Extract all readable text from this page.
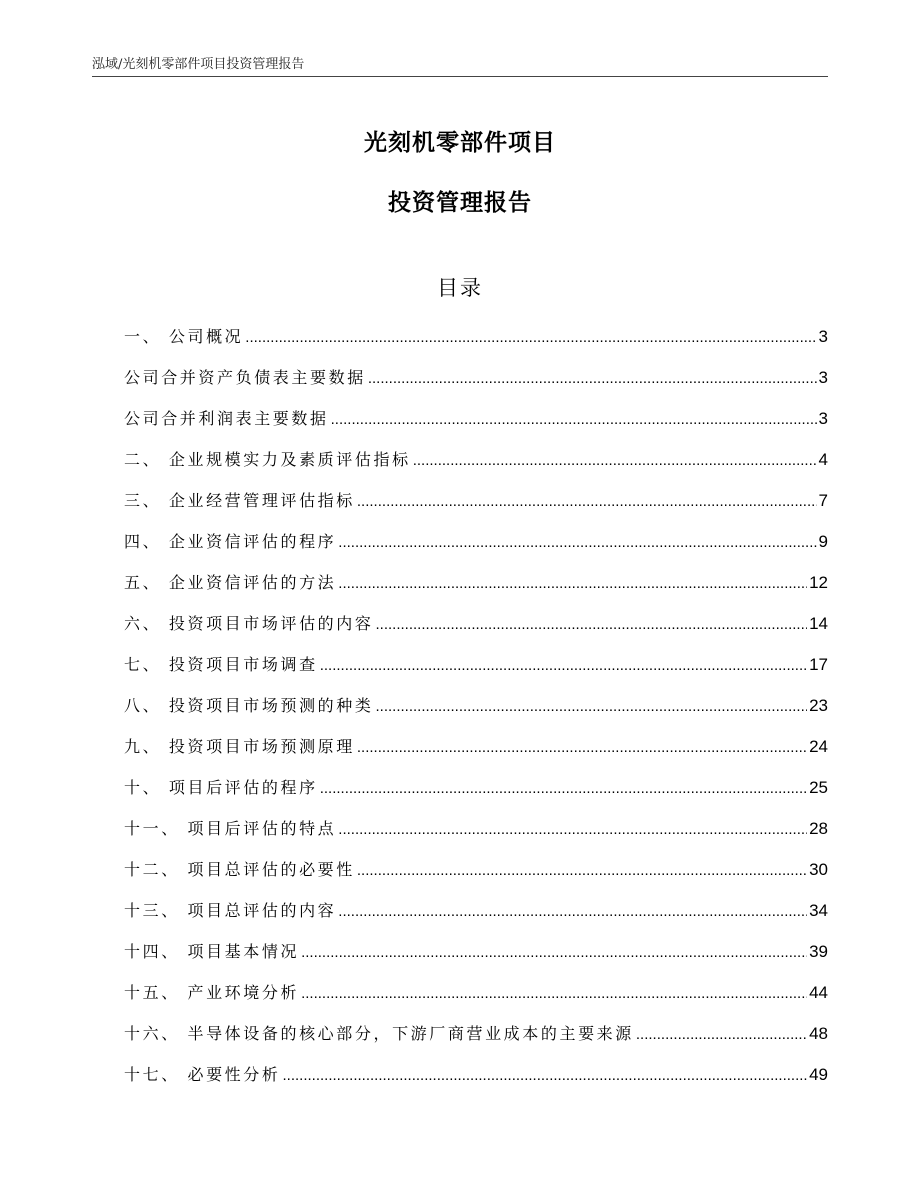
泓域/光刻机零部件项目投资管理报告
光刻机零部件项目
投资管理报告
目录
一、 公司概况 .....	3
公司合并资产负债表主要数据 .....	3
公司合并利润表主要数据 .....	3
二、 企业规模实力及素质评估指标 .....	4
三、 企业经营管理评估指标 .....	7
四、 企业资信评估的程序 .....	9
五、 企业资信评估的方法 .....	12
六、 投资项目市场评估的内容 .....	14
七、 投资项目市场调查 .....	17
八、 投资项目市场预测的种类 .....	23
九、 投资项目市场预测原理 .....	24
十、 项目后评估的程序 .....	25
十一、 项目后评估的特点 .....	28
十二、 项目总评估的必要性 .....	30
十三、 项目总评估的内容 .....	34
十四、 项目基本情况 .....	39
十五、 产业环境分析 .....	44
十六、 半导体设备的核心部分，下游厂商营业成本的主要来源 .....	48
十七、 必要性分析 .....	49
